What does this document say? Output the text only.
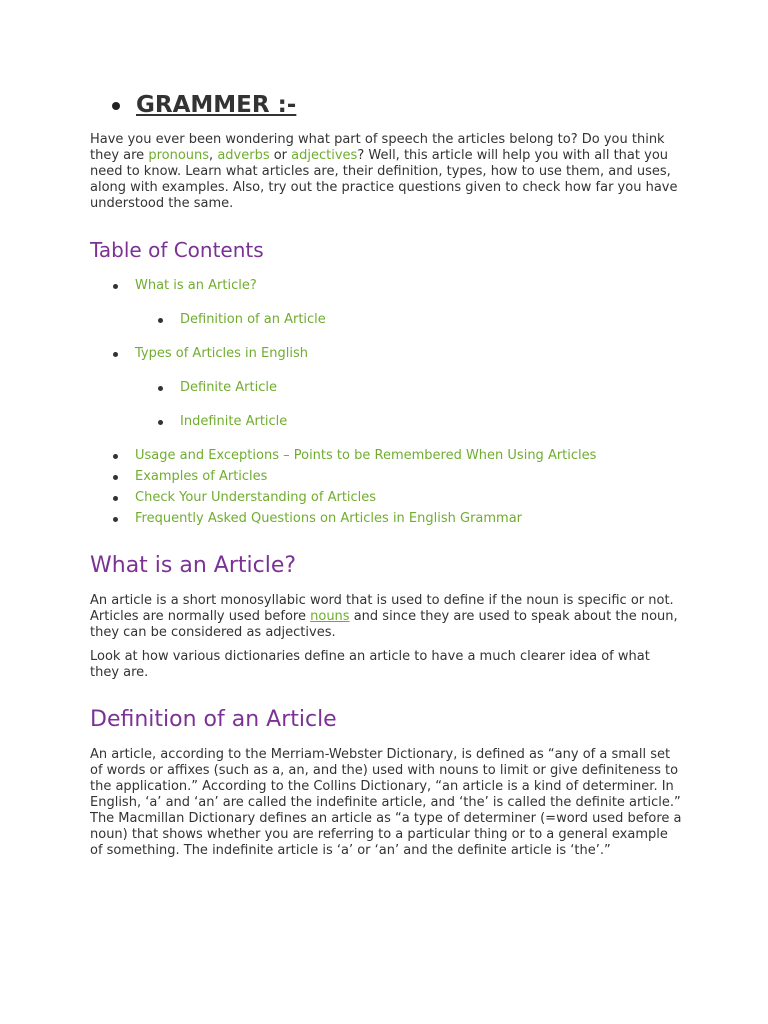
GRAMMER :-

Have you ever been wondering what part of speech the articles belong to? Do you think they are pronouns, adverbs or adjectives? Well, this article will help you with all that you need to know. Learn what articles are, their definition, types, how to use them, and uses, along with examples. Also, try out the practice questions given to check how far you have understood the same.

Table of Contents
What is an Article?
Definition of an Article
Types of Articles in English
Definite Article
Indefinite Article
Usage and Exceptions – Points to be Remembered When Using Articles
Examples of Articles
Check Your Understanding of Articles
Frequently Asked Questions on Articles in English Grammar
What is an Article?

An article is a short monosyllabic word that is used to define if the noun is specific or not. Articles are normally used before nouns and since they are used to speak about the noun, they can be considered as adjectives.

Look at how various dictionaries define an article to have a much clearer idea of what they are.

Definition of an Article

An article, according to the Merriam-Webster Dictionary, is defined as “any of a small set of words or affixes (such as a, an, and the) used with nouns to limit or give definiteness to the application.” According to the Collins Dictionary, “an article is a kind of determiner. In English, ‘a’ and ‘an’ are called the indefinite article, and ‘the’ is called the definite article.” The Macmillan Dictionary defines an article as “a type of determiner (=word used before a noun) that shows whether you are referring to a particular thing or to a general example of something. The indefinite article is ‘a’ or ‘an’ and the definite article is ‘the’.”
